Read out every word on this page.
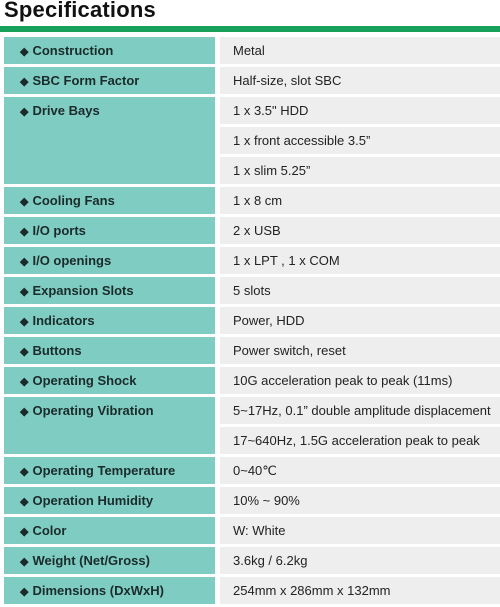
Specifications
◆ Construction	Metal
◆ SBC Form Factor	Half-size, slot SBC
◆ Drive Bays	1 x 3.5" HDD
1 x front accessible 3.5”
1 x slim 5.25”
◆ Cooling Fans	1 x 8 cm
◆ I/O ports	2 x USB
◆ I/O openings	1 x LPT , 1 x COM
◆ Expansion Slots	5 slots
◆ Indicators	Power, HDD
◆ Buttons	Power switch, reset
◆ Operating Shock	10G acceleration peak to peak (11ms)
◆ Operating Vibration	5~17Hz, 0.1” double amplitude displacement
17~640Hz, 1.5G acceleration peak to peak
◆ Operating Temperature	0~40℃
◆ Operation Humidity	10% ~ 90%
◆ Color	W: White
◆ Weight (Net/Gross)	3.6kg / 6.2kg
◆ Dimensions (DxWxH)	254mm x 286mm x 132mm
